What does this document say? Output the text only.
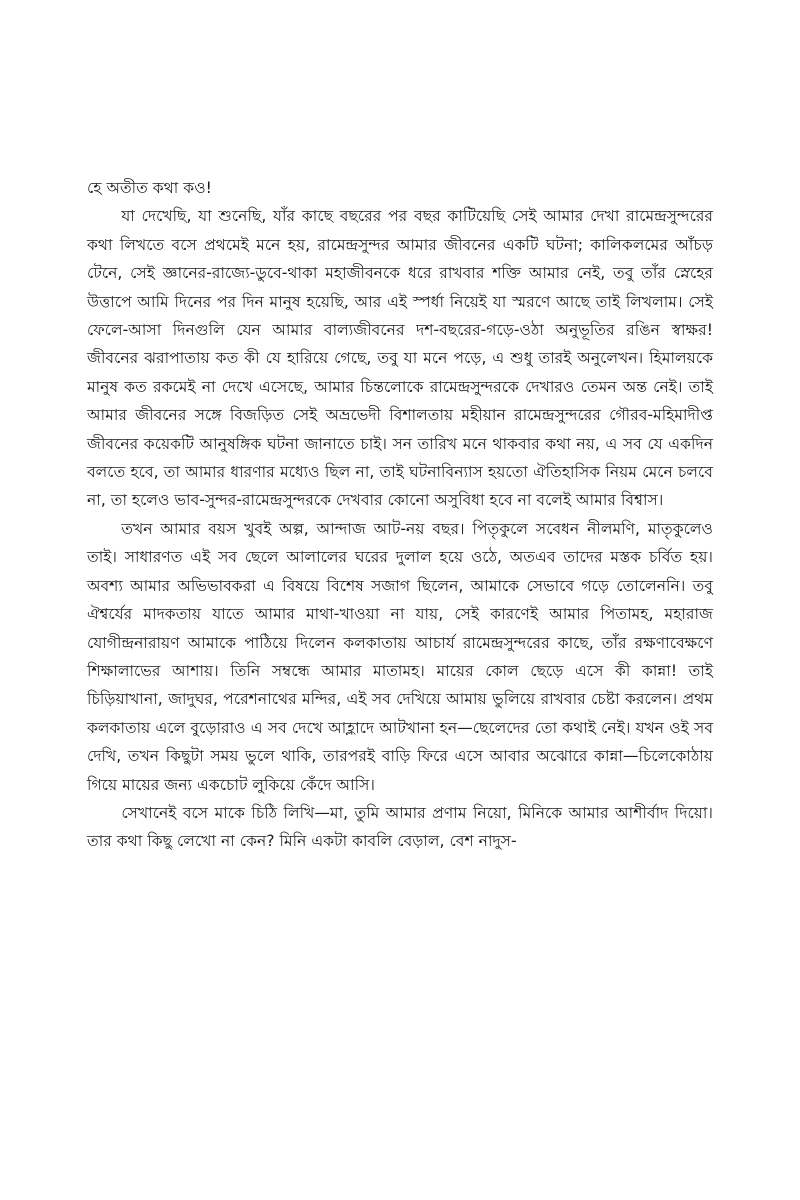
হে অতীত কথা কও!

যা দেখেছি, যা শুনেছি, যাঁর কাছে বছরের পর বছর কাটিয়েছি সেই আমার দেখা রামেন্দ্রসুন্দরের কথা লিখতে বসে প্রথমেই মনে হয়, রামেন্দ্রসুন্দর আমার জীবনের একটি ঘটনা; কালিকলমের আঁচড় টেনে, সেই জ্ঞানের-রাজ্যে-ডুবে-থাকা মহাজীবনকে ধরে রাখবার শক্তি আমার নেই, তবু তাঁর স্নেহের উত্তাপে আমি দিনের পর দিন মানুষ হয়েছি, আর এই স্পর্ধা নিয়েই যা স্মরণে আছে তাই লিখলাম। সেই ফেলে-আসা দিনগুলি যেন আমার বাল্যজীবনের দশ-বছরের-গড়ে-ওঠা অনুভূতির রঙিন স্বাক্ষর! জীবনের ঝরাপাতায় কত কী যে হারিয়ে গেছে, তবু যা মনে পড়ে, এ শুধু তারই অনুলেখন। হিমালয়কে মানুষ কত রকমেই না দেখে এসেছে, আমার চিন্তলোকে রামেন্দ্রসুন্দরকে দেখারও তেমন অন্ত নেই। তাই আমার জীবনের সঙ্গে বিজড়িত সেই অভ্রভেদী বিশালতায় মহীয়ান রামেন্দ্রসুন্দরের গৌরব-মহিমাদীপ্ত জীবনের কয়েকটি আনুষঙ্গিক ঘটনা জানাতে চাই। সন তারিখ মনে থাকবার কথা নয়, এ সব যে একদিন বলতে হবে, তা আমার ধারণার মধ্যেও ছিল না, তাই ঘটনাবিন্যাস হয়তো ঐতিহাসিক নিয়ম মেনে চলবে না, তা হলেও ভাব-সুন্দর-রামেন্দ্রসুন্দরকে দেখবার কোনো অসুবিধা হবে না বলেই আমার বিশ্বাস।

তখন আমার বয়স খুবই অল্প, আন্দাজ আট-নয় বছর। পিতৃকুলে সবেধন নীলমণি, মাতৃকুলেও তাই। সাধারণত এই সব ছেলে আলালের ঘরের দুলাল হয়ে ওঠে, অতএব তাদের মস্তক চর্বিত হয়। অবশ্য আমার অভিভাবকরা এ বিষয়ে বিশেষ সজাগ ছিলেন, আমাকে সেভাবে গড়ে তোলেননি। তবু ঐশ্বর্যের মাদকতায় যাতে আমার মাথা-খাওয়া না যায়, সেই কারণেই আমার পিতামহ, মহারাজ যোগীন্দ্রনারায়ণ আমাকে পাঠিয়ে দিলেন কলকাতায় আচার্য রামেন্দ্রসুন্দরের কাছে, তাঁর রক্ষণাবেক্ষণে শিক্ষালাভের আশায়। তিনি সম্বন্ধে আমার মাতামহ। মায়ের কোল ছেড়ে এসে কী কান্না! তাই চিড়িয়াখানা, জাদুঘর, পরেশনাথের মন্দির, এই সব দেখিয়ে আমায় ভুলিয়ে রাখবার চেষ্টা করলেন। প্রথম কলকাতায় এলে বুড়োরাও এ সব দেখে আহ্লাদে আটখানা হন—ছেলেদের তো কথাই নেই। যখন ওই সব দেখি, তখন কিছুটা সময় ভুলে থাকি, তারপরই বাড়ি ফিরে এসে আবার অঝোরে কান্না—চিলেকোঠায় গিয়ে মায়ের জন্য একচোট লুকিয়ে কেঁদে আসি।

সেখানেই বসে মাকে চিঠি লিখি—মা, তুমি আমার প্রণাম নিয়ো, মিনিকে আমার আশীর্বাদ দিয়ো। তার কথা কিছু লেখো না কেন? মিনি একটা কাবলি বেড়াল, বেশ নাদুস-
